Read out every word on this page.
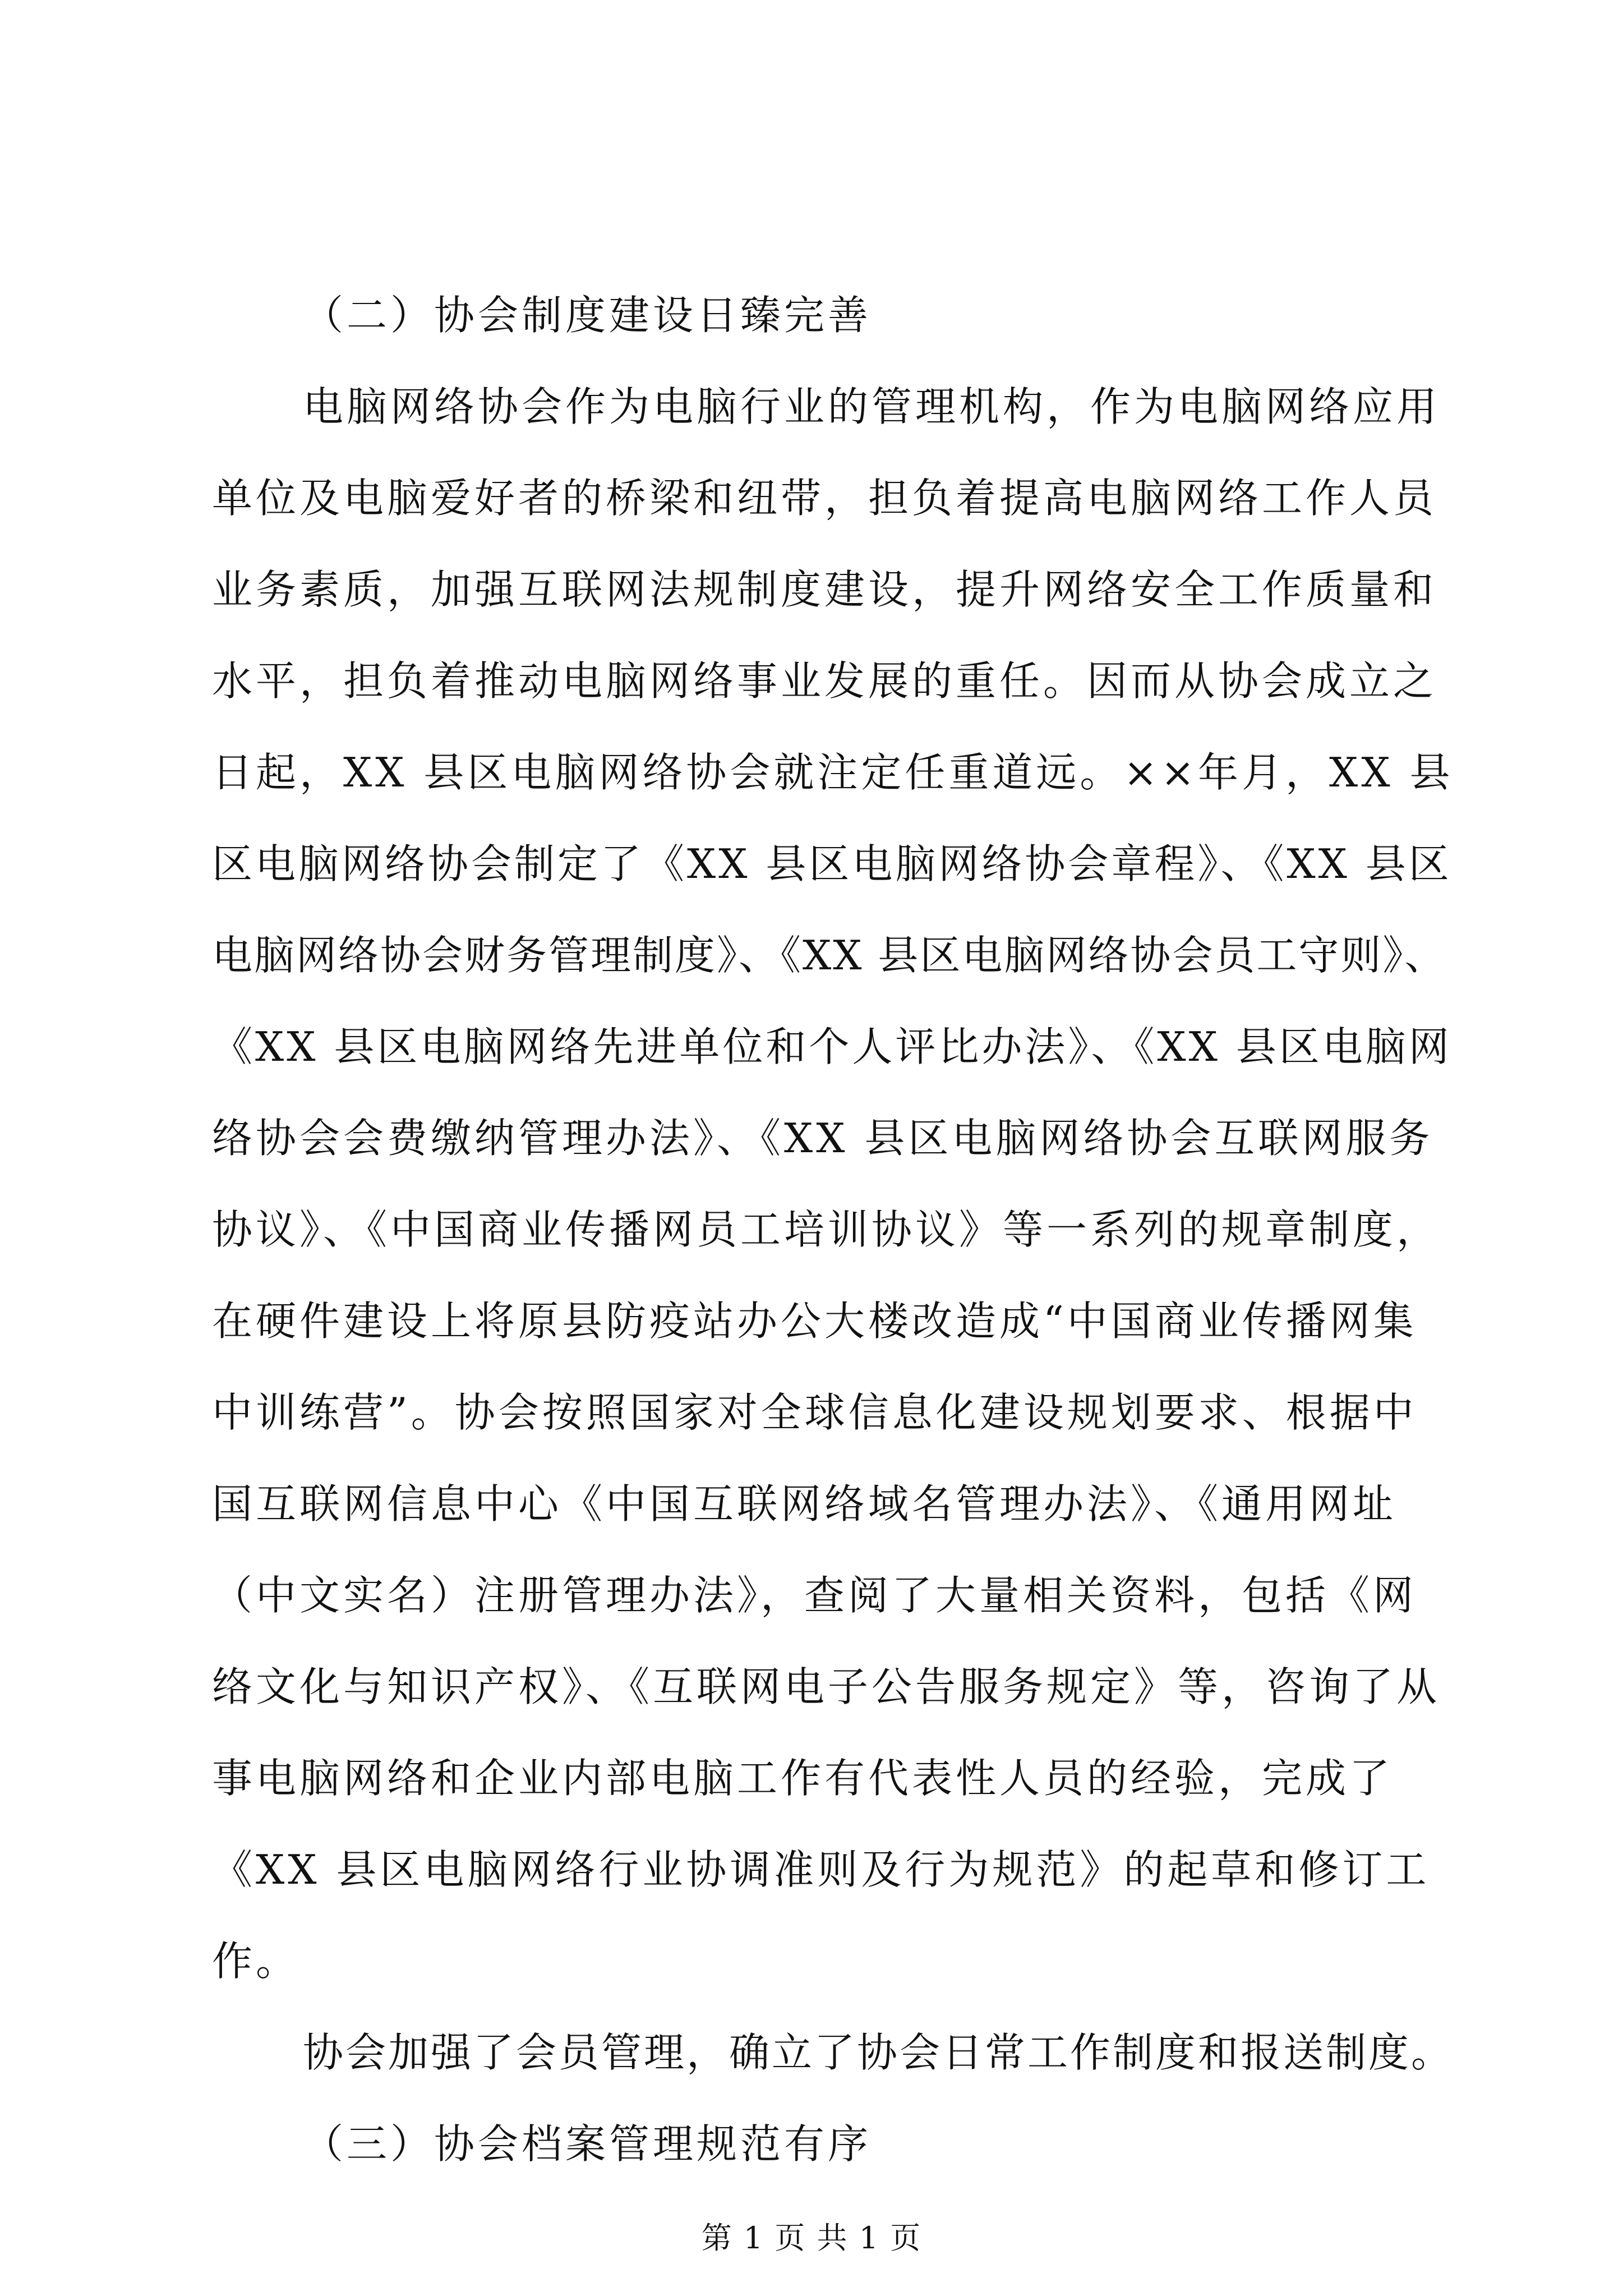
（二）协会制度建设日臻完善
电脑网络协会作为电脑行业的管理机构，作为电脑网络应用
单位及电脑爱好者的桥梁和纽带，担负着提高电脑网络工作人员
业务素质，加强互联网法规制度建设，提升网络安全工作质量和
水平，担负着推动电脑网络事业发展的重任。因而从协会成立之
日起，XX 县区电脑网络协会就注定任重道远。××年月，XX 县
区电脑网络协会制定了《XX 县区电脑网络协会章程》、《XX 县区
电脑网络协会财务管理制度》、《XX 县区电脑网络协会员工守则》、
《XX 县区电脑网络先进单位和个人评比办法》、《XX 县区电脑网
络协会会费缴纳管理办法》、《XX 县区电脑网络协会互联网服务
协议》、《中国商业传播网员工培训协议》等一系列的规章制度，
在硬件建设上将原县防疫站办公大楼改造成“中国商业传播网集
中训练营”。协会按照国家对全球信息化建设规划要求、根据中
国互联网信息中心《中国互联网络域名管理办法》、《通用网址
（中文实名）注册管理办法》，查阅了大量相关资料，包括《网
络文化与知识产权》、《互联网电子公告服务规定》等，咨询了从
事电脑网络和企业内部电脑工作有代表性人员的经验，完成了
《XX 县区电脑网络行业协调准则及行为规范》的起草和修订工
作。
协会加强了会员管理，确立了协会日常工作制度和报送制度。
（三）协会档案管理规范有序
第 1 页 共 1 页
